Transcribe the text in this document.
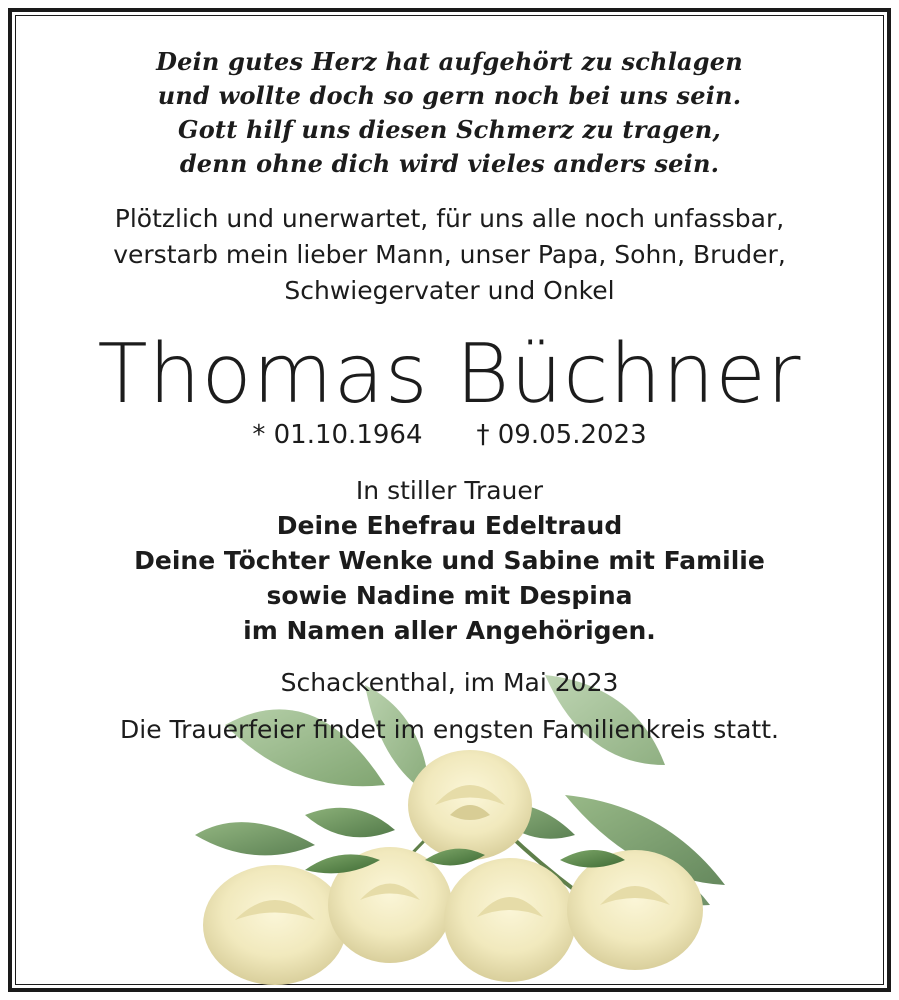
Dein gutes Herz hat aufgehört zu schlagen
und wollte doch so gern noch bei uns sein.
Gott hilf uns diesen Schmerz zu tragen,
denn ohne dich wird vieles anders sein.
Plötzlich und unerwartet, für uns alle noch unfassbar,
verstarb mein lieber Mann, unser Papa, Sohn, Bruder,
Schwiegervater und Onkel
Thomas Büchner
* 01.10.1964 † 09.05.2023
In stiller Trauer
Deine Ehefrau Edeltraud
Deine Töchter Wenke und Sabine mit Familie
sowie Nadine mit Despina
im Namen aller Angehörigen.
Schackenthal, im Mai 2023
Die Trauerfeier findet im engsten Familienkreis statt.
